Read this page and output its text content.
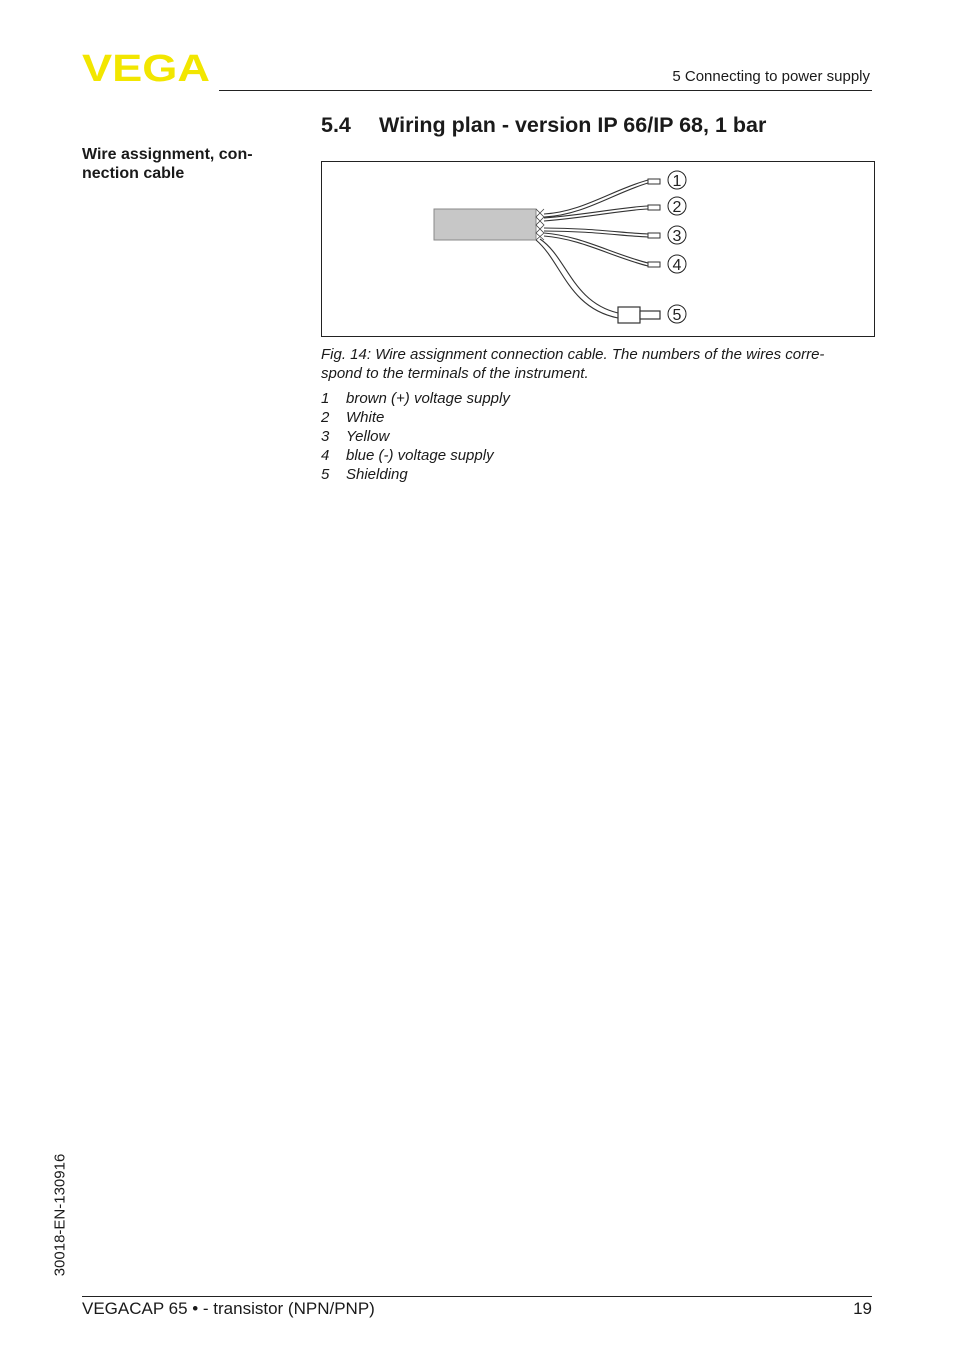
VEGA	5 Connecting to power supply
Wire assignment, con-
nection cable
5.4 Wiring plan - version IP 66/IP 68, 1 bar
1
2
3
4
5
Fig. 14: Wire assignment connection cable. The numbers of the wires corre-
spond to the terminals of the instrument.
1	brown (+) voltage supply
2	White
3	Yellow
4	blue (-) voltage supply
5	Shielding
30018-EN-130916
VEGACAP 65 • - transistor (NPN/PNP)	19
